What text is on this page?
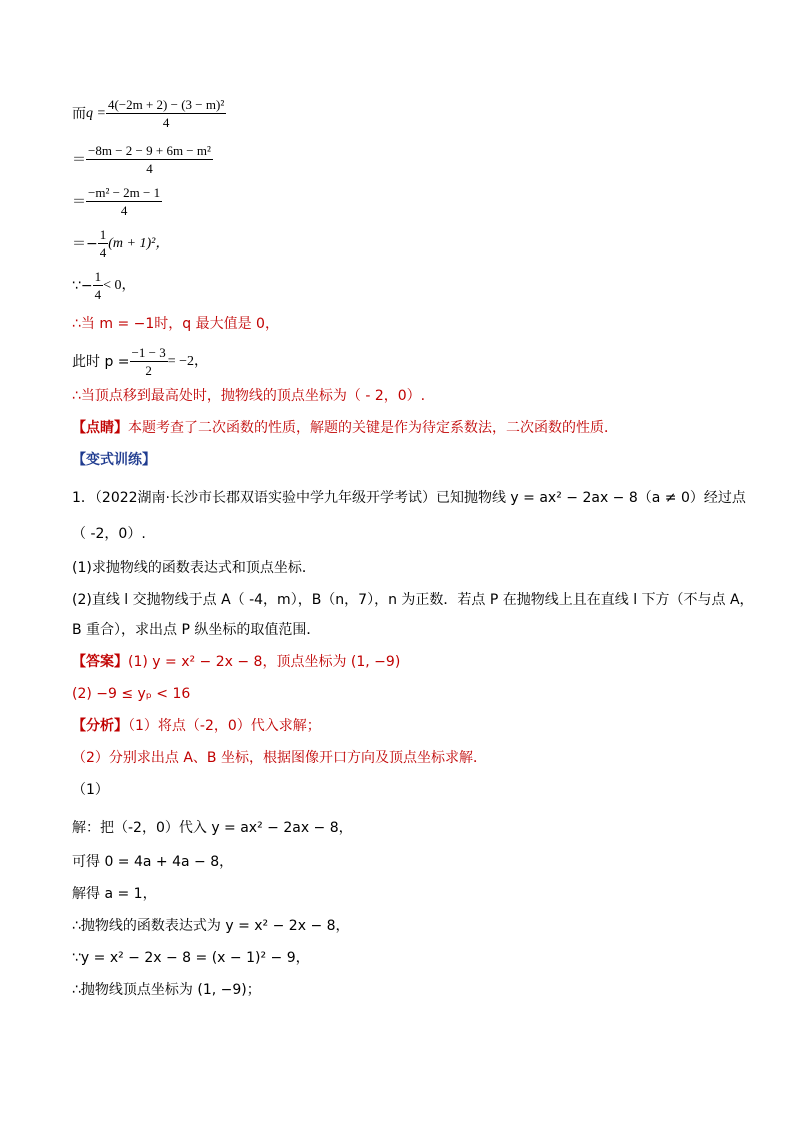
而 $q = \frac{\text{4(−2m + 2) − (3 − m)²}}{4}$
＝ $\frac{\text{−8m − 2 − 9 + 6m − m²}}{4}$
＝ $\frac{\text{−m² − 2m − 1}}{4}$
＝− $\frac{1}{4} (m + 1)^2$，
∵− $\frac{1}{4} < 0$，
∴当 m = −1时，q 最大值是 0，
此时 $p = \frac{-1 - 3}{2} = -2$，
∴当顶点移到最高处时，抛物线的顶点坐标为（ - 2，0）.
【点睛】本题考查了二次函数的性质，解题的关键是作为待定系数法，二次函数的性质．
【变式训练】
1．（2022湖南·长沙市长郡双语实验中学九年级开学考试）已知抛物线 y = ax² − 2ax − 8（a ≠ 0）经过点
（ -2，0）.
(1)求抛物线的函数表达式和顶点坐标．
(2)直线 l 交抛物线于点 A（ -4，m），B（n，7），n 为正数．若点 P 在抛物线上且在直线 l 下方（不与点 A，
B 重合），求出点 P 纵坐标的取值范围．
【答案】(1) y = x² − 2x − 8，顶点坐标为 (1, −9)
(2) −9 ≤ yₚ < 16
【分析】（1）将点（-2，0）代入求解；
（2）分别求出点 A、B 坐标，根据图像开口方向及顶点坐标求解．
（1）
解：把（-2，0）代入 y = ax² − 2ax − 8，
可得 0 = 4a + 4a − 8，
解得 a = 1，
∴抛物线的函数表达式为 y = x² − 2x − 8，
∵y = x² − 2x − 8 = (x − 1)² − 9，
∴抛物线顶点坐标为 (1, −9)；
